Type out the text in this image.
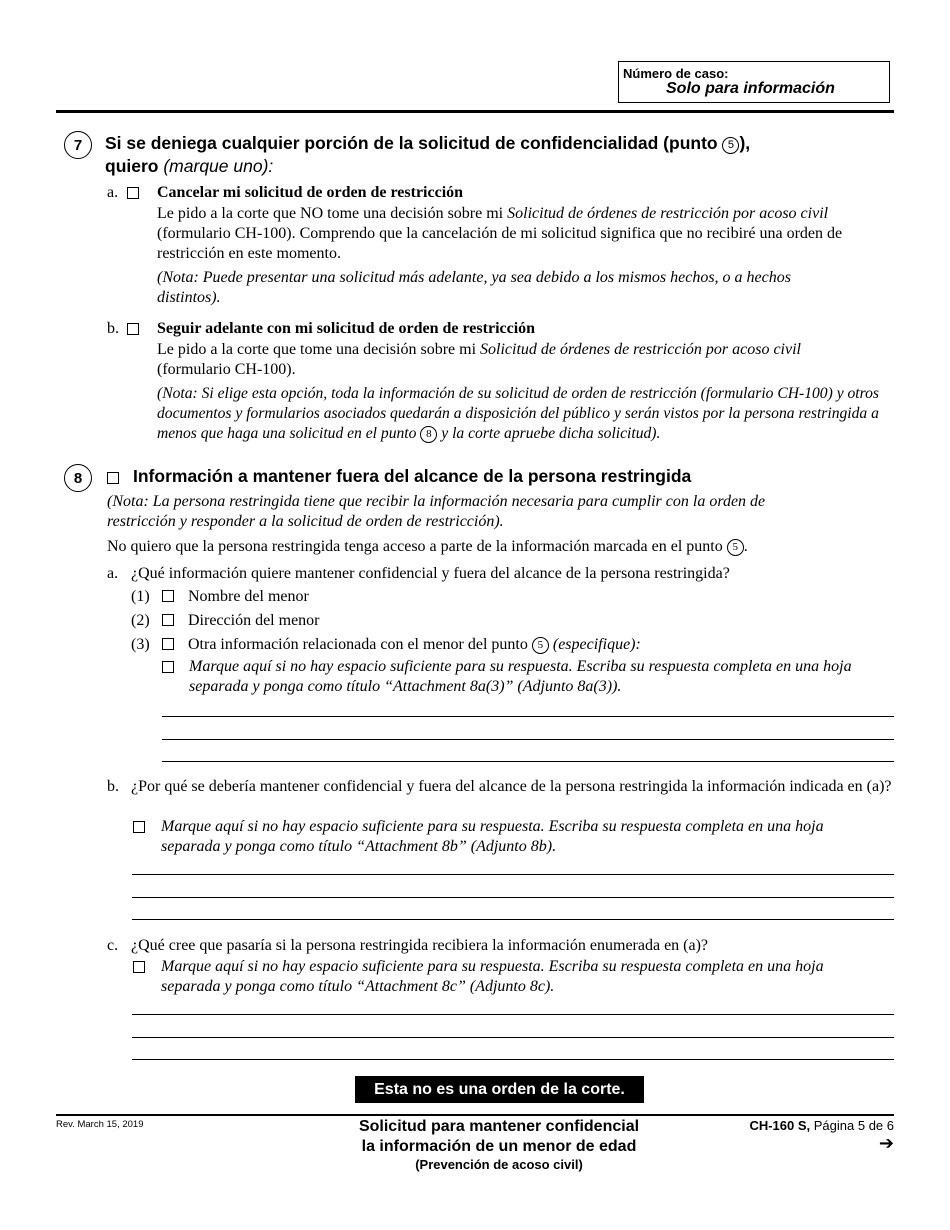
Número de caso:
Solo para información
7	Si se deniega cualquier porción de la solicitud de confidencialidad (punto 5 ),
quiero (marque uno):
a. Cancelar mi solicitud de orden de restricción
Le pido a la corte que NO tome una decisión sobre mi Solicitud de órdenes de restricción por acoso civil (formulario CH-100). Comprendo que la cancelación de mi solicitud significa que no recibiré una orden de restricción en este momento.
(Nota: Puede presentar una solicitud más adelante, ya sea debido a los mismos hechos, o a hechos distintos).
b. Seguir adelante con mi solicitud de orden de restricción
Le pido a la corte que tome una decisión sobre mi Solicitud de órdenes de restricción por acoso civil (formulario CH-100).
(Nota: Si elige esta opción, toda la información de su solicitud de orden de restricción (formulario CH-100) y otros documentos y formularios asociados quedarán a disposición del público y serán vistos por la persona restringida a menos que haga una solicitud en el punto 8 y la corte apruebe dicha solicitud).
8	Información a mantener fuera del alcance de la persona restringida
(Nota: La persona restringida tiene que recibir la información necesaria para cumplir con la orden de restricción y responder a la solicitud de orden de restricción).
No quiero que la persona restringida tenga acceso a parte de la información marcada en el punto 5 .
a. ¿Qué información quiere mantener confidencial y fuera del alcance de la persona restringida?
(1) Nombre del menor
(2) Dirección del menor
(3) Otra información relacionada con el menor del punto 5 (especifique):
Marque aquí si no hay espacio suficiente para su respuesta. Escriba su respuesta completa en una hoja separada y ponga como título “Attachment 8a(3)” (Adjunto 8a(3)).
b. ¿Por qué se debería mantener confidencial y fuera del alcance de la persona restringida la información indicada en (a)?
Marque aquí si no hay espacio suficiente para su respuesta. Escriba su respuesta completa en una hoja separada y ponga como título “Attachment 8b” (Adjunto 8b).
c. ¿Qué cree que pasaría si la persona restringida recibiera la información enumerada en (a)?
Marque aquí si no hay espacio suficiente para su respuesta. Escriba su respuesta completa en una hoja separada y ponga como título “Attachment 8c” (Adjunto 8c).
Esta no es una orden de la corte.
Rev. March 15, 2019	Solicitud para mantener confidencial
la información de un menor de edad
(Prevención de acoso civil)
CH-160 S, Página 5 de 6
➔
